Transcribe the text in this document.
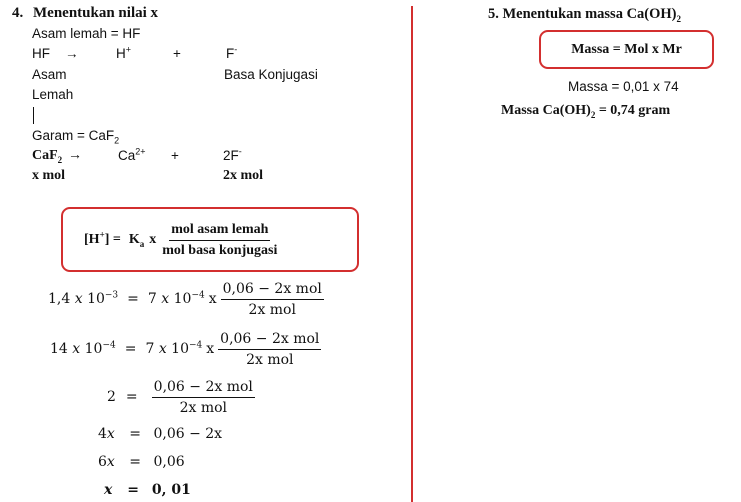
4. Menentukan nilai x
Asam lemah = HF
HF →	H+	+	F-
Asam	Basa Konjugasi
Lemah
Garam = CaF$_2$
CaF$_2$ →	$Ca^{2+}$ +	2F-
x mol	2x mol
$[H^+] = K_a$ x $\frac{\text{mol asam lemah}}{\text{mol basa konjugasi}}$
1,4 x $10^{-3} = 7$ x $10^{-4}$ x $\frac{\text{0,06 − 2x mol}}{\text{2x mol}}$
14 x $10^{-4} = 7$ x $10^{-4}$ x $\frac{\text{0,06 − 2x mol}}{\text{2x mol}}$
$2 = \frac{\text{0,06 − 2x mol}}{\text{2x mol}}$
4x = 0,06 − 2x
6x = 0,06
x = 0, 01
5. Menentukan massa $Ca(OH)_2$
Massa = Mol x Mr
Massa = 0,01 x 74
Massa $Ca(OH)_2 = 0,74$ gram
